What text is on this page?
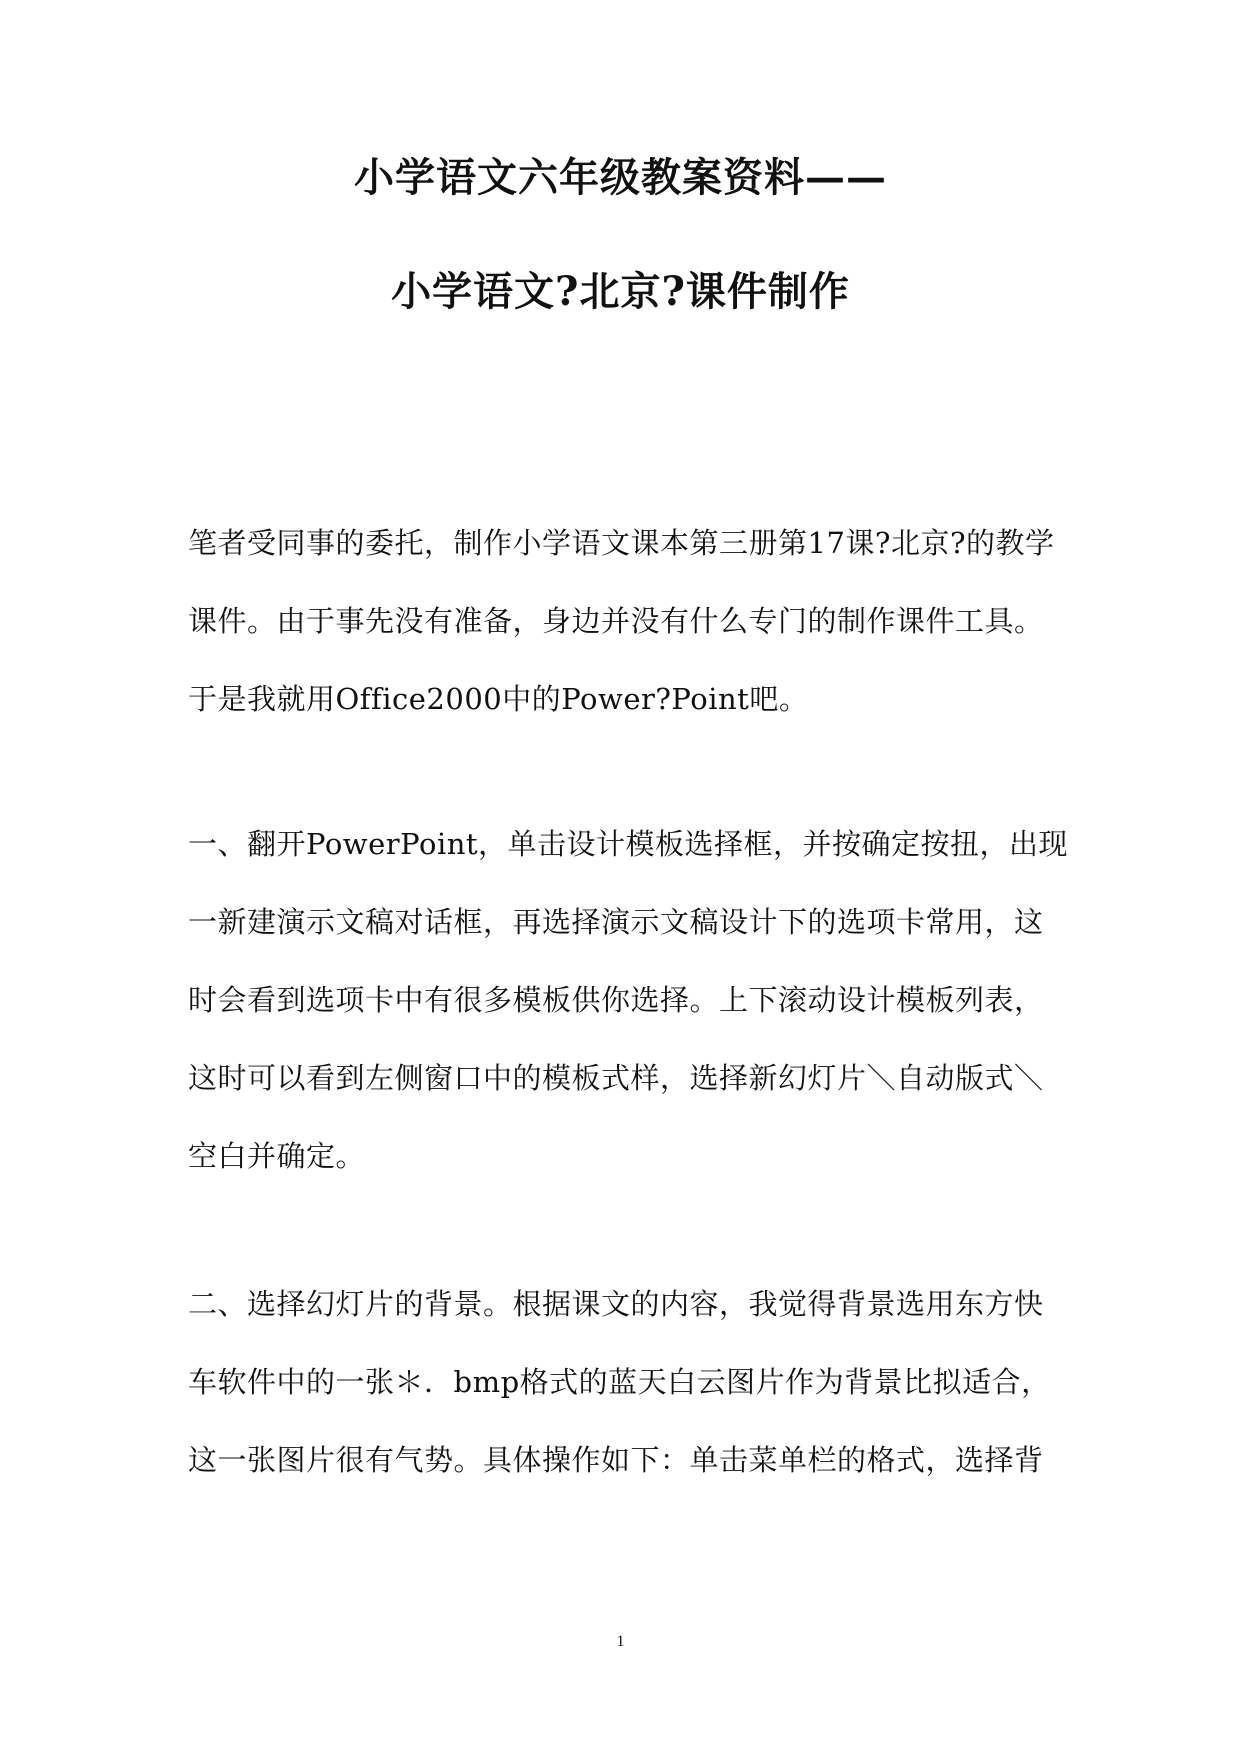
小学语文六年级教案资料——
小学语文?北京?课件制作
笔者受同事的委托，制作小学语文课本第三册第17课?北京?的教学
课件。由于事先没有准备，身边并没有什么专门的制作课件工具。
于是我就用Office2000中的Power?Point吧。
一、翻开PowerPoint，单击设计模板选择框，并按确定按扭，出现
一新建演示文稿对话框，再选择演示文稿设计下的选项卡常用，这
时会看到选项卡中有很多模板供你选择。上下滚动设计模板列表，
这时可以看到左侧窗口中的模板式样，选择新幻灯片＼自动版式＼
空白并确定。
二、选择幻灯片的背景。根据课文的内容，我觉得背景选用东方快
车软件中的一张＊．bmp格式的蓝天白云图片作为背景比拟适合，
这一张图片很有气势。具体操作如下：单击菜单栏的格式，选择背
1
